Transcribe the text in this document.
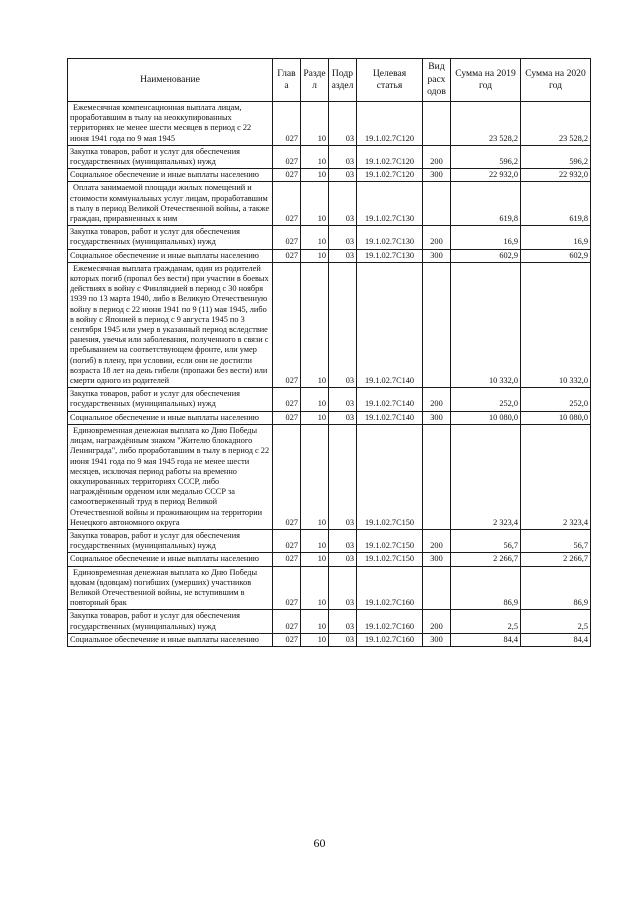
Наименование	Глав а	Разде л	Подр аздел	Целевая статья	Вид расх одов	Сумма на 2019 год	Сумма на 2020 год
Ежемесячная компенсационная выплата лицам, проработавшим в тылу на неоккупированных территориях не менее шести месяцев в период с 22 июня 1941 года по 9 мая 1945	027	10	03	19.1.02.7С120		23 528,2	23 528,2
Закупка товаров, работ и услуг для обеспечения государственных (муниципальных) нужд	027	10	03	19.1.02.7С120	200	596,2	596,2
Социальное обеспечение и иные выплаты населению	027	10	03	19.1.02.7С120	300	22 932,0	22 932,0
Оплата занимаемой площади жилых помещений и стоимости коммунальных услуг лицам, проработавшим в тылу в период Великой Отечественной войны, а также граждан, приравненных к ним	027	10	03	19.1.02.7С130		619,8	619,8
Закупка товаров, работ и услуг для обеспечения государственных (муниципальных) нужд	027	10	03	19.1.02.7С130	200	16,9	16,9
Социальное обеспечение и иные выплаты населению	027	10	03	19.1.02.7С130	300	602,9	602,9
Ежемесячная выплата гражданам, один из родителей которых погиб (пропал без вести) при участии в боевых действиях в войну с Финляндией в период с 30 ноября 1939 по 13 марта 1940, либо в Великую Отечественную войну в период с 22 июня 1941 по 9 (11) мая 1945, либо в войну с Японией в период с 9 августа 1945 по 3 сентября 1945 или умер в указанный период вследствие ранения, увечья или заболевания, полученного в связи с пребыванием на соответствующем фронте, или умер (погиб) в плену, при условии, если они не достигли возраста 18 лет на день гибели (пропажи без вести) или смерти одного из родителей	027	10	03	19.1.02.7С140		10 332,0	10 332,0
Закупка товаров, работ и услуг для обеспечения государственных (муниципальных) нужд	027	10	03	19.1.02.7С140	200	252,0	252,0
Социальное обеспечение и иные выплаты населению	027	10	03	19.1.02.7С140	300	10 080,0	10 080,0
Единовременная денежная выплата ко Дню Победы лицам, награждённым знаком "Жителю блокадного Ленинграда", либо проработавшим в тылу в период с 22 июня 1941 года по 9 мая 1945 года не менее шести месяцев, исключая период работы на временно оккупированных территориях СССР, либо награждённым орденом или медалью СССР за самоотверженный труд в период Великой Отечественной войны и проживающим на территории Ненецкого автономного округа	027	10	03	19.1.02.7С150		2 323,4	2 323,4
Закупка товаров, работ и услуг для обеспечения государственных (муниципальных) нужд	027	10	03	19.1.02.7С150	200	56,7	56,7
Социальное обеспечение и иные выплаты населению	027	10	03	19.1.02.7С150	300	2 266,7	2 266,7
Единовременная денежная выплата ко Дню Победы вдовам (вдовцам) погибших (умерших) участников Великой Отечественной войны, не вступившим в повторный брак	027	10	03	19.1.02.7С160		86,9	86,9
Закупка товаров, работ и услуг для обеспечения государственных (муниципальных) нужд	027	10	03	19.1.02.7С160	200	2,5	2,5
Социальное обеспечение и иные выплаты населению	027	10	03	19.1.02.7С160	300	84,4	84,4
60
